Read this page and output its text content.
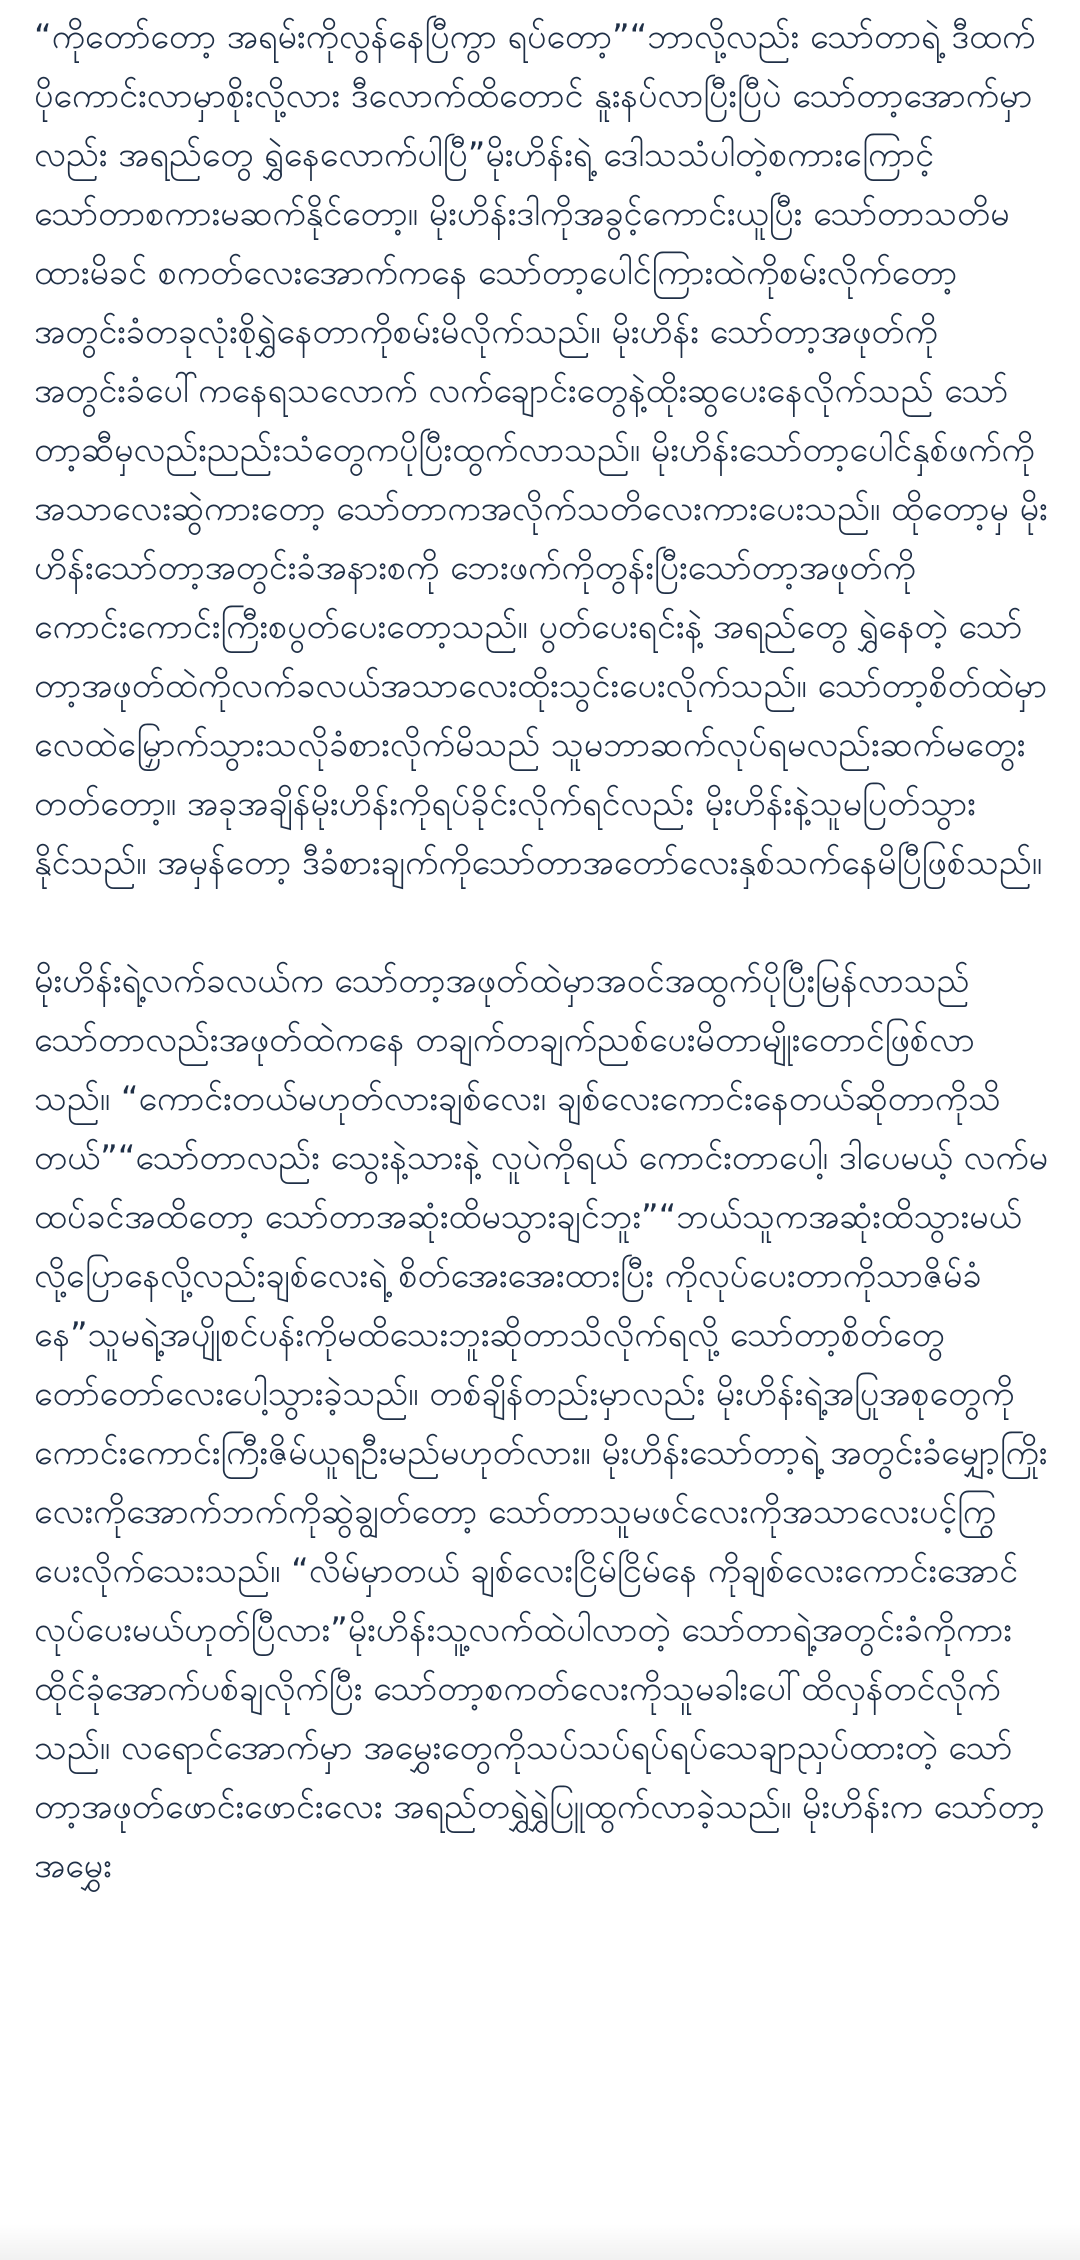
“ကိုတော်တော့ အရမ်းကိုလွန်နေပြီကွာ ရပ်တော့”“ဘာလို့လည်း သော်တာရဲ့ ဒီထက်ပိုကောင်းလာမှာစိုးလို့လား ဒီလောက်ထိတောင် နူးနပ်လာပြီးပြီပဲ သော်တာ့အောက်မှာလည်း အရည်တွေ ရွှဲနေလောက်ပါပြီ”မိုးဟိန်းရဲ့ ဒေါသသံပါတဲ့စကားကြောင့် သော်တာစကားမဆက်နိုင်တော့။ မိုးဟိန်းဒါကိုအခွင့်ကောင်းယူပြီး သော်တာသတိမထားမိခင် စကတ်လေးအောက်ကနေ သော်တာ့ပေါင်ကြားထဲကိုစမ်းလိုက်တော့ အတွင်းခံတခုလုံးစိုရွှဲနေတာကိုစမ်းမိလိုက်သည်။ မိုးဟိန်း သော်တာ့အဖုတ်ကို အတွင်းခံပေါ်ကနေရသလောက် လက်ချောင်းတွေနဲ့ထိုးဆွပေးနေလိုက်သည် သော်တာ့ဆီမှလည်းညည်းသံတွေကပိုပြီးထွက်လာသည်။ မိုးဟိန်းသော်တာ့ပေါင်နှစ်ဖက်ကိုအသာလေးဆွဲကားတော့ သော်တာကအလိုက်သတိလေးကားပေးသည်။ ထိုတော့မှ မိုးဟိန်းသော်တာ့အတွင်းခံအနားစကို ဘေးဖက်ကိုတွန်းပြီးသော်တာ့အဖုတ်ကို ကောင်းကောင်းကြီးစပွတ်ပေးတော့သည်။ ပွတ်ပေးရင်းနဲ့ အရည်တွေ ရွှဲနေတဲ့ သော်တာ့အဖုတ်ထဲကိုလက်ခလယ်အသာလေးထိုးသွင်းပေးလိုက်သည်။ သော်တာ့စိတ်ထဲမှာလေထဲမြှောက်သွားသလိုခံစားလိုက်မိသည် သူမဘာဆက်လုပ်ရမလည်းဆက်မတွေးတတ်တော့။ အခုအချိန်မိုးဟိန်းကိုရပ်ခိုင်းလိုက်ရင်လည်း မိုးဟိန်းနဲ့သူမပြတ်သွားနိုင်သည်။ အမှန်တော့ ဒီခံစားချက်ကိုသော်တာအတော်လေးနှစ်သက်နေမိပြီဖြစ်သည်။

မိုးဟိန်းရဲ့လက်ခလယ်က သော်တာ့အဖုတ်ထဲမှာအဝင်အထွက်ပိုပြီးမြန်လာသည် သော်တာလည်းအဖုတ်ထဲကနေ တချက်တချက်ညစ်ပေးမိတာမျိုးတောင်ဖြစ်လာသည်။ “ကောင်းတယ်မဟုတ်လားချစ်လေး၊ ချစ်လေးကောင်းနေတယ်ဆိုတာကိုသိတယ်”“သော်တာလည်း သွေးနဲ့သားနဲ့ လူပဲကိုရယ် ကောင်းတာပေါ့၊ ဒါပေမယ့် လက်မထပ်ခင်အထိတော့ သော်တာအဆုံးထိမသွားချင်ဘူး”“ဘယ်သူကအဆုံးထိသွားမယ်လို့ပြောနေလို့လည်းချစ်လေးရဲ့ စိတ်အေးအေးထားပြီး ကိုလုပ်ပေးတာကိုသာဇိမ်ခံနေ”သူမရဲ့အပျိုစင်ပန်းကိုမထိသေးဘူးဆိုတာသိလိုက်ရလို့ သော်တာ့စိတ်တွေတော်တော်လေးပေါ့သွားခဲ့သည်။ တစ်ချိန်တည်းမှာလည်း မိုးဟိန်းရဲ့အပြုအစုတွေကို ကောင်းကောင်းကြီးဇိမ်ယူရဦးမည်မဟုတ်လား။ မိုးဟိန်းသော်တာ့ရဲ့ အတွင်းခံမျှော့ကြိုးလေးကိုအောက်ဘက်ကိုဆွဲချွတ်တော့ သော်တာသူမဖင်လေးကိုအသာလေးပင့်ကြွပေးလိုက်သေးသည်။ “လိမ်မှာတယ် ချစ်လေးငြိမ်ငြိမ်နေ ကိုချစ်လေးကောင်းအောင်လုပ်ပေးမယ်ဟုတ်ပြီလား”မိုးဟိန်းသူ့လက်ထဲပါလာတဲ့ သော်တာရဲ့အတွင်းခံကိုကားထိုင်ခုံအောက်ပစ်ချလိုက်ပြီး သော်တာ့စကတ်လေးကိုသူမခါးပေါ်ထိလှန်တင်လိုက်သည်။ လရောင်အောက်မှာ အမွှေးတွေကိုသပ်သပ်ရပ်ရပ်သေချာညှပ်ထားတဲ့ သော်တာ့အဖုတ်ဖောင်းဖောင်းလေး အရည်တရွှဲရွှဲပြူထွက်လာခဲ့သည်။ မိုးဟိန်းက သော်တာ့အမွှေး
